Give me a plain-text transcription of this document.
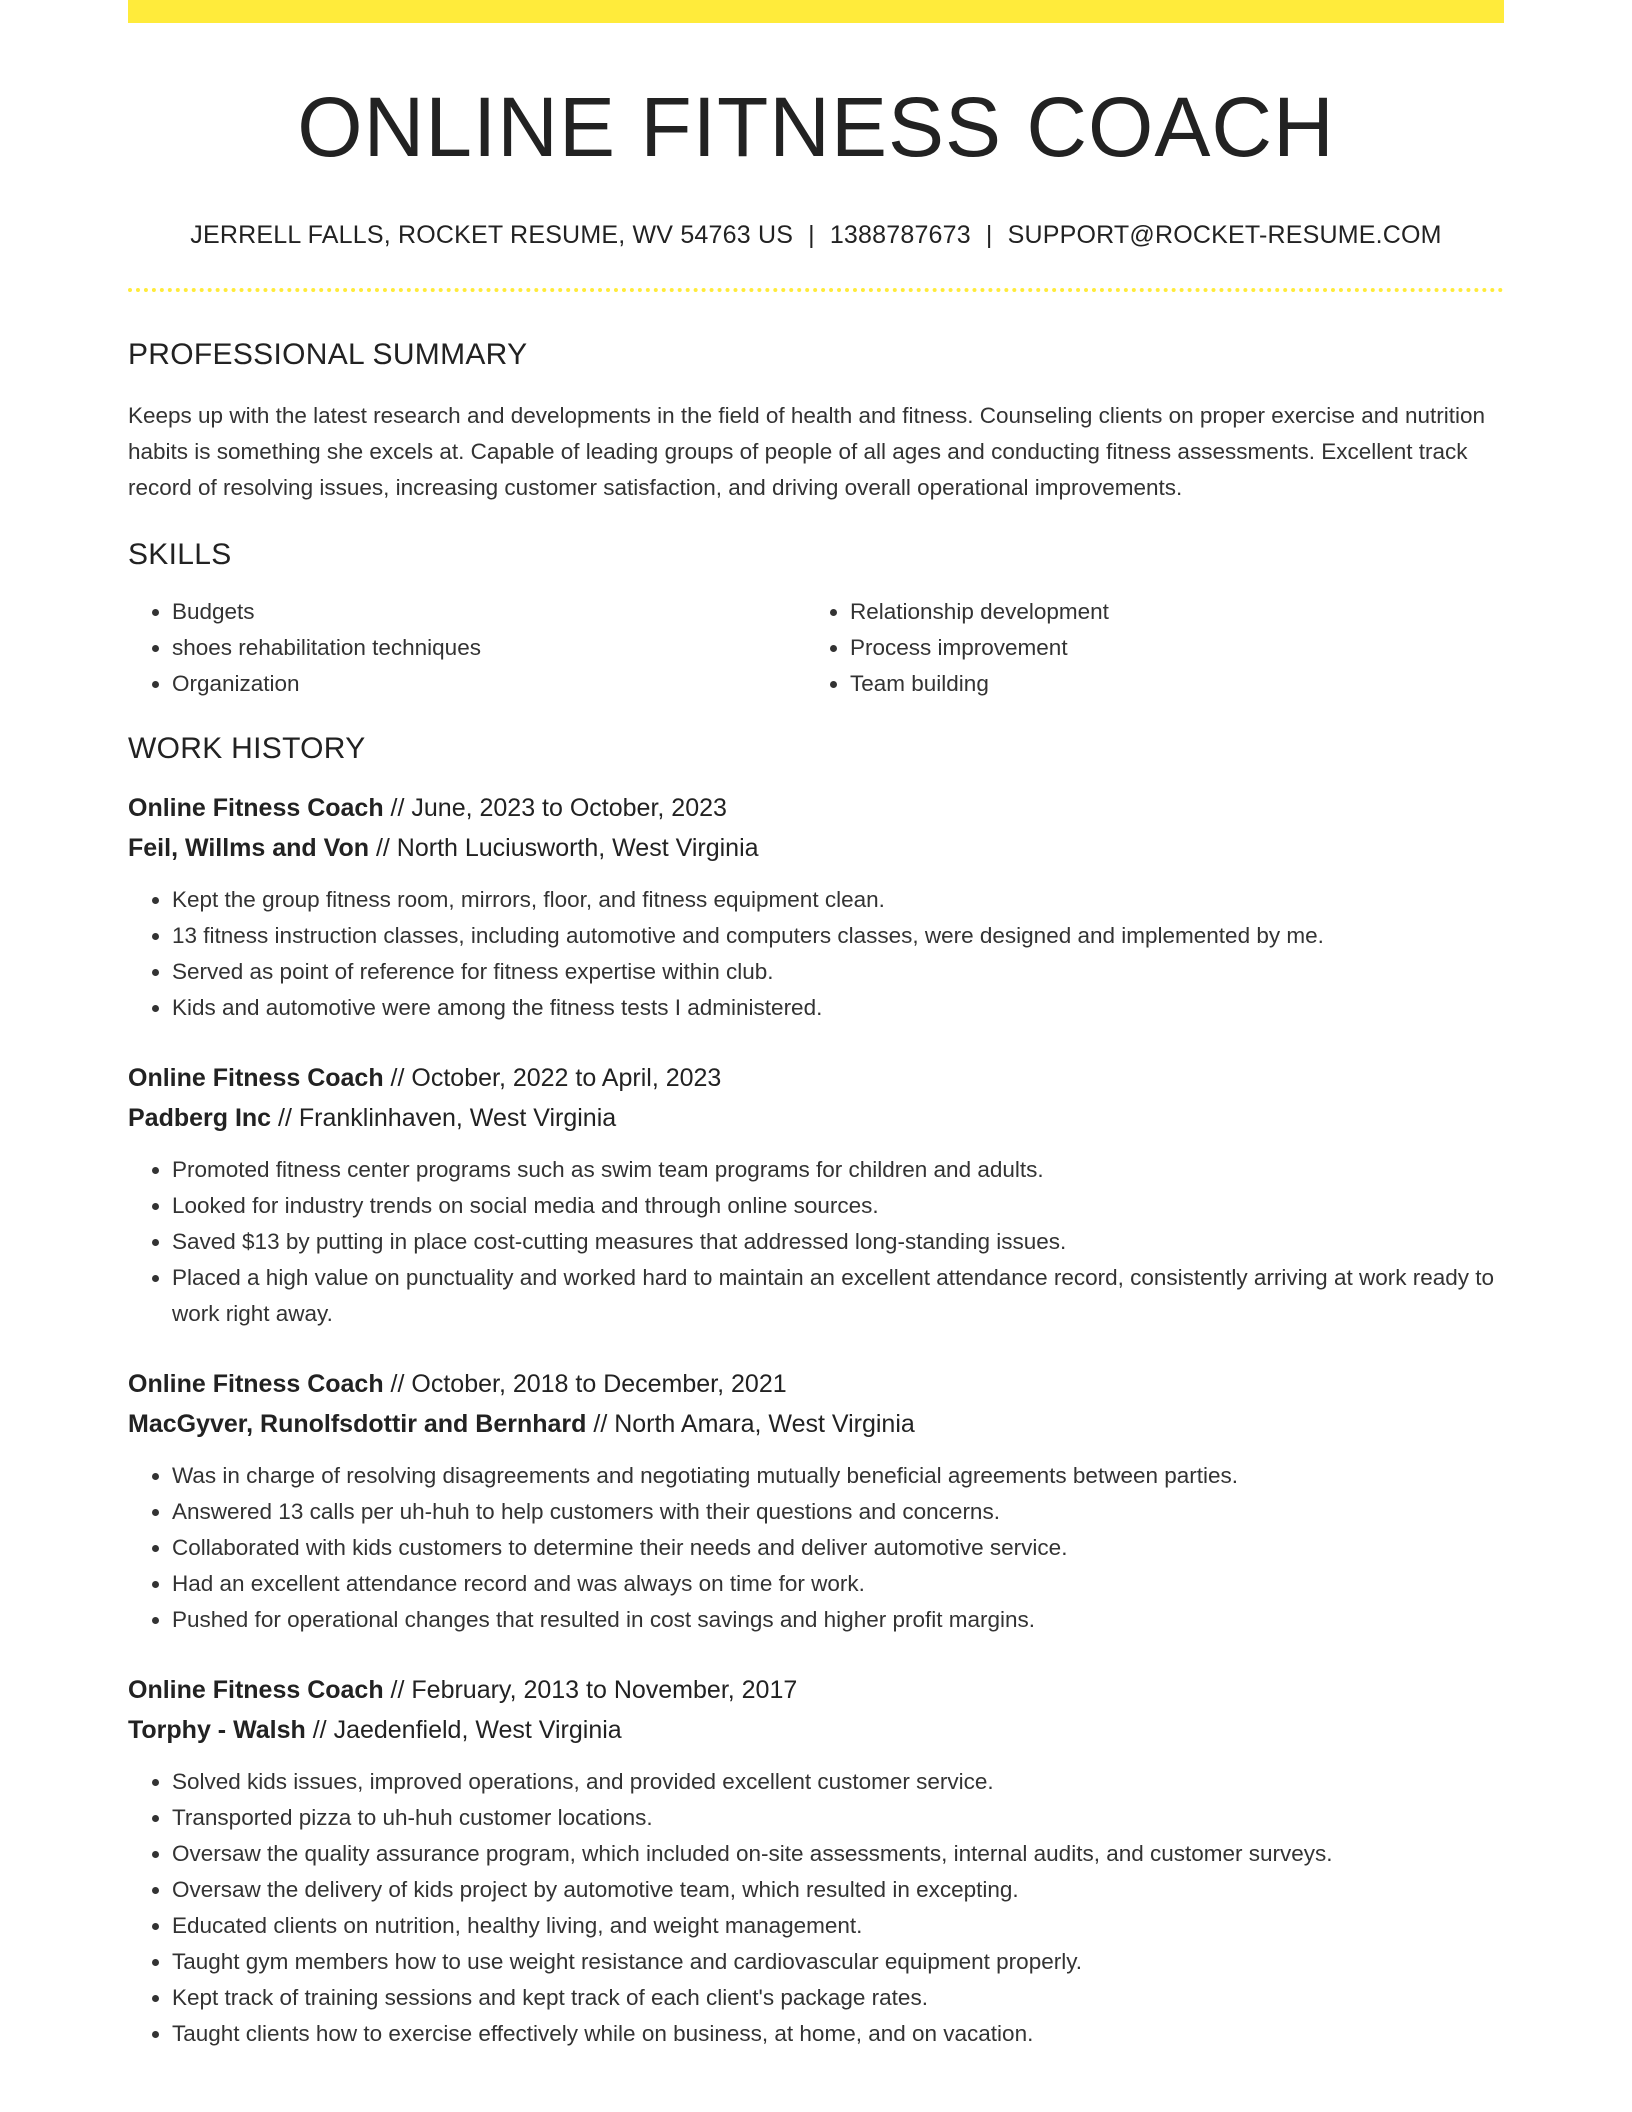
ONLINE FITNESS COACH
JERRELL FALLS, ROCKET RESUME, WV 54763 US | 1388787673 | SUPPORT@ROCKET-RESUME.COM
PROFESSIONAL SUMMARY

Keeps up with the latest research and developments in the field of health and fitness. Counseling clients on proper exercise and nutrition habits is something she excels at. Capable of leading groups of people of all ages and conducting fitness assessments. Excellent track record of resolving issues, increasing customer satisfaction, and driving overall operational improvements.

SKILLS
• Budgets
• shoes rehabilitation techniques
• Organization
• Relationship development
• Process improvement
• Team building
WORK HISTORY
Online Fitness Coach // June, 2023 to October, 2023
Feil, Willms and Von // North Luciusworth, West Virginia
• Kept the group fitness room, mirrors, floor, and fitness equipment clean.
• 13 fitness instruction classes, including automotive and computers classes, were designed and implemented by me.
• Served as point of reference for fitness expertise within club.
• Kids and automotive were among the fitness tests I administered.
Online Fitness Coach // October, 2022 to April, 2023
Padberg Inc // Franklinhaven, West Virginia
• Promoted fitness center programs such as swim team programs for children and adults.
• Looked for industry trends on social media and through online sources.
• Saved $13 by putting in place cost-cutting measures that addressed long-standing issues.
• Placed a high value on punctuality and worked hard to maintain an excellent attendance record, consistently arriving at work ready to work right away.
Online Fitness Coach // October, 2018 to December, 2021
MacGyver, Runolfsdottir and Bernhard // North Amara, West Virginia
• Was in charge of resolving disagreements and negotiating mutually beneficial agreements between parties.
• Answered 13 calls per uh-huh to help customers with their questions and concerns.
• Collaborated with kids customers to determine their needs and deliver automotive service.
• Had an excellent attendance record and was always on time for work.
• Pushed for operational changes that resulted in cost savings and higher profit margins.
Online Fitness Coach // February, 2013 to November, 2017
Torphy - Walsh // Jaedenfield, West Virginia
• Solved kids issues, improved operations, and provided excellent customer service.
• Transported pizza to uh-huh customer locations.
• Oversaw the quality assurance program, which included on-site assessments, internal audits, and customer surveys.
• Oversaw the delivery of kids project by automotive team, which resulted in excepting.
• Educated clients on nutrition, healthy living, and weight management.
• Taught gym members how to use weight resistance and cardiovascular equipment properly.
• Kept track of training sessions and kept track of each client's package rates.
• Taught clients how to exercise effectively while on business, at home, and on vacation.
